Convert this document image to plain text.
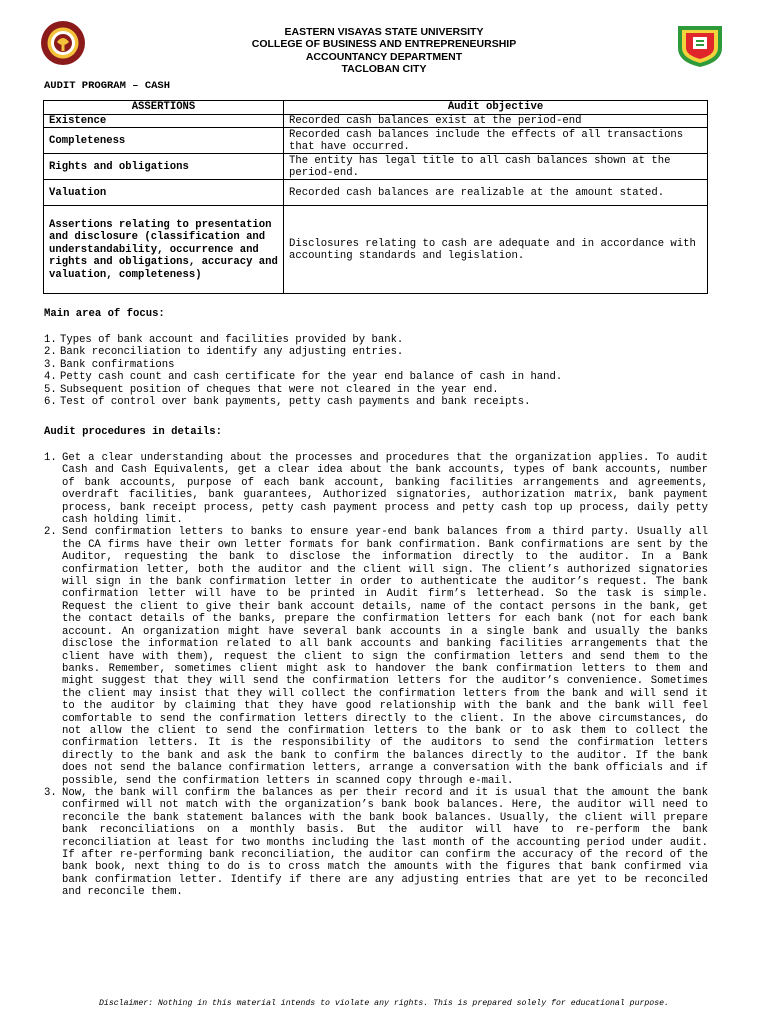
EASTERN VISAYAS STATE UNIVERSITY
COLLEGE OF BUSINESS AND ENTREPRENEURSHIP
ACCOUNTANCY DEPARTMENT
TACLOBAN CITY
AUDIT PROGRAM – CASH
ASSERTIONS	Audit objective
Existence	Recorded cash balances exist at the period-end
Completeness	Recorded cash balances include the effects of all transactions that have occurred.
Rights and obligations	The entity has legal title to all cash balances shown at the period-end.
Valuation	Recorded cash balances are realizable at the amount stated.
Assertions relating to presentation and disclosure (classification and understandability, occurrence and rights and obligations, accuracy and valuation, completeness)	Disclosures relating to cash are adequate and in accordance with accounting standards and legislation.
Main area of focus:
1. Types of bank account and facilities provided by bank.
2. Bank reconciliation to identify any adjusting entries.
3. Bank confirmations
4. Petty cash count and cash certificate for the year end balance of cash in hand.
5. Subsequent position of cheques that were not cleared in the year end.
6. Test of control over bank payments, petty cash payments and bank receipts.
Audit procedures in details:
1. Get a clear understanding about the processes and procedures that the organization applies. To audit Cash and Cash Equivalents, get a clear idea about the bank accounts, types of bank accounts, number of bank accounts, purpose of each bank account, banking facilities arrangements and agreements, overdraft facilities, bank guarantees, Authorized signatories, authorization matrix, bank payment process, bank receipt process, petty cash payment process and petty cash top up process, daily petty cash holding limit.
2. Send confirmation letters to banks to ensure year-end bank balances from a third party. Usually all the CA firms have their own letter formats for bank confirmation. Bank confirmations are sent by the Auditor, requesting the bank to disclose the information directly to the auditor. In a Bank confirmation letter, both the auditor and the client will sign. The client’s authorized signatories will sign in the bank confirmation letter in order to authenticate the auditor’s request. The bank confirmation letter will have to be printed in Audit firm’s letterhead. So the task is simple. Request the client to give their bank account details, name of the contact persons in the bank, get the contact details of the banks, prepare the confirmation letters for each bank (not for each bank account. An organization might have several bank accounts in a single bank and usually the banks disclose the information related to all bank accounts and banking facilities arrangements that the client have with them), request the client to sign the confirmation letters and send them to the banks. Remember, sometimes client might ask to handover the bank confirmation letters to them and might suggest that they will send the confirmation letters for the auditor’s convenience. Sometimes the client may insist that they will collect the confirmation letters from the bank and will send it to the auditor by claiming that they have good relationship with the bank and the bank will feel comfortable to send the confirmation letters directly to the client. In the above circumstances, do not allow the client to send the confirmation letters to the bank or to ask them to collect the confirmation letters. It is the responsibility of the auditors to send the confirmation letters directly to the bank and ask the bank to confirm the balances directly to the auditor. If the bank does not send the balance confirmation letters, arrange a conversation with the bank officials and if possible, send the confirmation letters in scanned copy through e-mail.
3. Now, the bank will confirm the balances as per their record and it is usual that the amount the bank confirmed will not match with the organization’s bank book balances. Here, the auditor will need to reconcile the bank statement balances with the bank book balances. Usually, the client will prepare bank reconciliations on a monthly basis. But the auditor will have to re-perform the bank reconciliation at least for two months including the last month of the accounting period under audit. If after re-performing bank reconciliation, the auditor can confirm the accuracy of the record of the bank book, next thing to do is to cross match the amounts with the figures that bank confirmed via bank confirmation letter. Identify if there are any adjusting entries that are yet to be reconciled and reconcile them.
Disclaimer: Nothing in this material intends to violate any rights. This is prepared solely for educational purpose.
